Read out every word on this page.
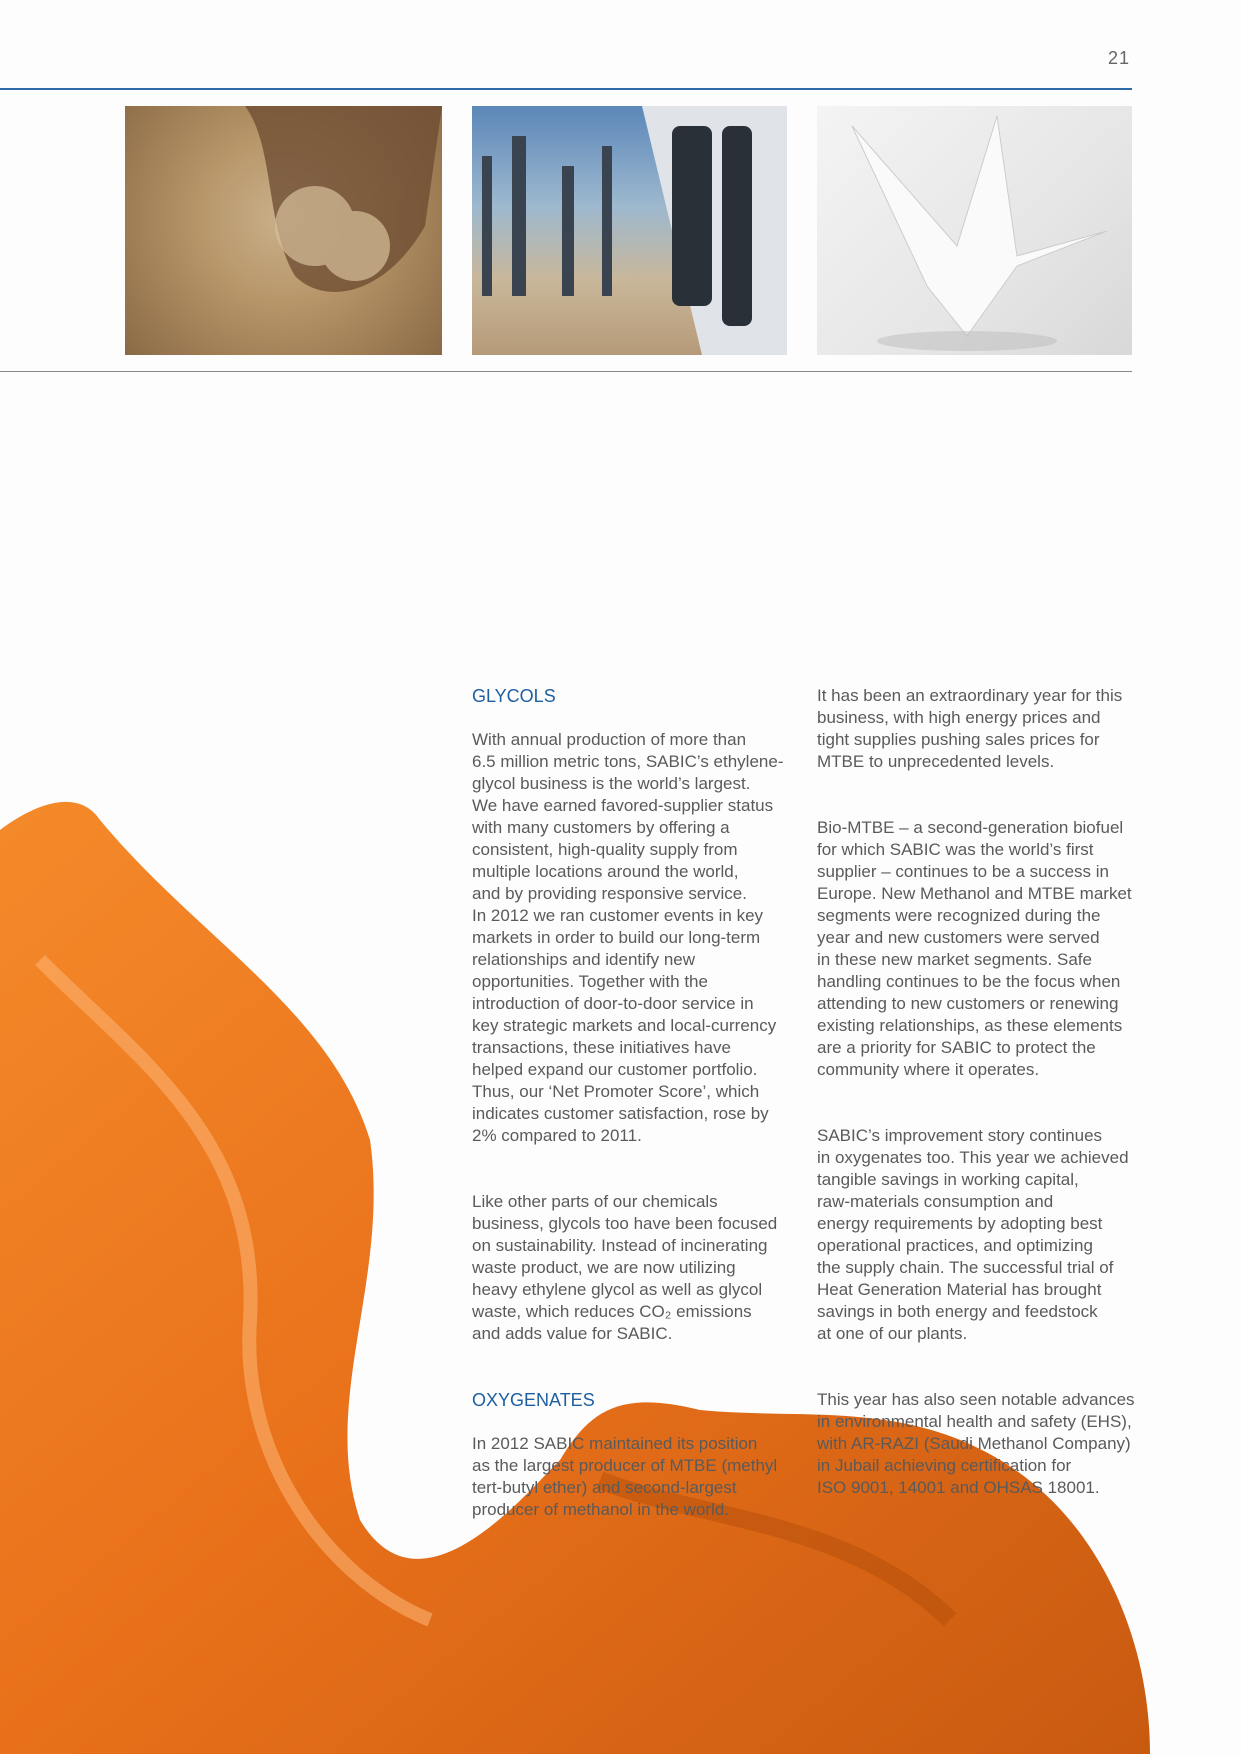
21

GLYCOLS

With annual production of more than
6.5 million metric tons, SABIC’s ethylene-
glycol business is the world’s largest.
We have earned favored-supplier status
with many customers by offering a
consistent, high-quality supply from
multiple locations around the world,
and by providing responsive service.
In 2012 we ran customer events in key
markets in order to build our long-term
relationships and identify new
opportunities. Together with the
introduction of door-to-door service in
key strategic markets and local-currency
transactions, these initiatives have
helped expand our customer portfolio.
Thus, our ‘Net Promoter Score’, which
indicates customer satisfaction, rose by
2% compared to 2011.

Like other parts of our chemicals
business, glycols too have been focused
on sustainability. Instead of incinerating
waste product, we are now utilizing
heavy ethylene glycol as well as glycol
waste, which reduces CO₂ emissions
and adds value for SABIC.

OXYGENATES

In 2012 SABIC maintained its position
as the largest producer of MTBE (methyl
tert-butyl ether) and second-largest
producer of methanol in the world.

It has been an extraordinary year for this
business, with high energy prices and
tight supplies pushing sales prices for
MTBE to unprecedented levels.

Bio-MTBE – a second-generation biofuel
for which SABIC was the world’s first
supplier – continues to be a success in
Europe. New Methanol and MTBE market
segments were recognized during the
year and new customers were served
in these new market segments. Safe
handling continues to be the focus when
attending to new customers or renewing
existing relationships, as these elements
are a priority for SABIC to protect the
community where it operates.

SABIC’s improvement story continues
in oxygenates too. This year we achieved
tangible savings in working capital,
raw-materials consumption and
energy requirements by adopting best
operational practices, and optimizing
the supply chain. The successful trial of
Heat Generation Material has brought
savings in both energy and feedstock
at one of our plants.

This year has also seen notable advances
in environmental health and safety (EHS),
with AR-RAZI (Saudi Methanol Company)
in Jubail achieving certification for
ISO 9001, 14001 and OHSAS 18001.
